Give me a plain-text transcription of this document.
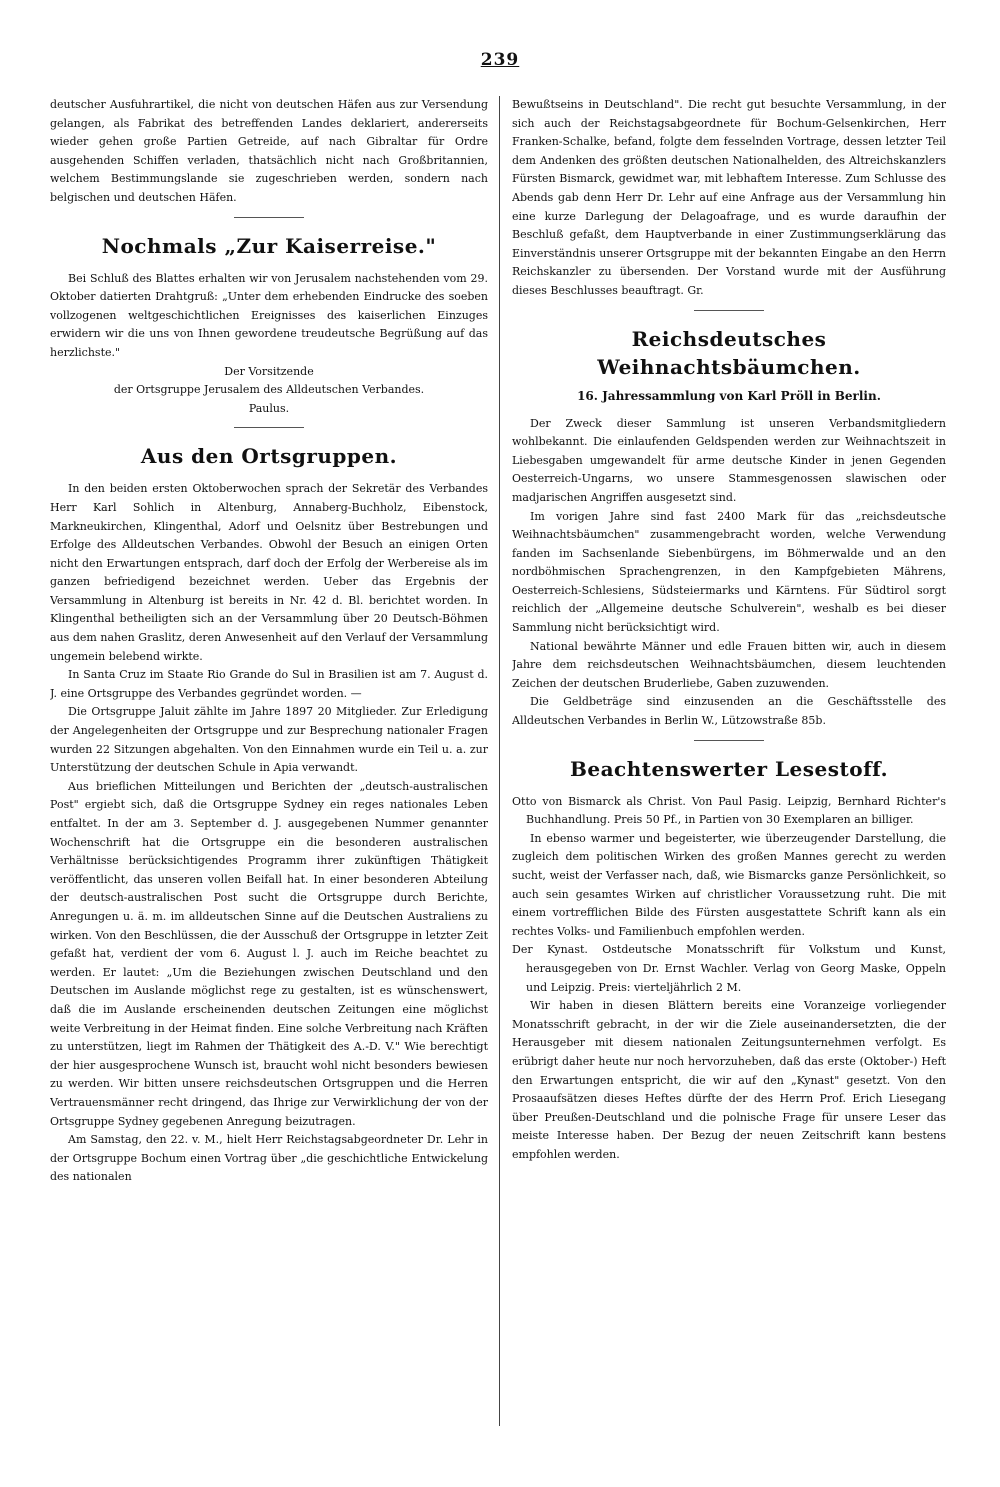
239

deutscher Ausfuhrartikel, die nicht von deutschen Häfen aus zur Versendung gelangen, als Fabrikat des betreffenden Landes deklariert, andererseits wieder gehen große Partien Getreide, auf nach Gibraltar für Ordre ausgehenden Schiffen verladen, thatsächlich nicht nach Großbritannien, welchem Bestimmungslande sie zugeschrieben werden, sondern nach belgischen und deutschen Häfen.

Nochmals „Zur Kaiserreise."

Bei Schluß des Blattes erhalten wir von Jerusalem nachstehenden vom 29. Oktober datierten Drahtgruß: „Unter dem erhebenden Eindrucke des soeben vollzogenen weltgeschichtlichen Ereignisses des kaiserlichen Einzuges erwidern wir die uns von Ihnen gewordene treudeutsche Begrüßung auf das herzlichste."

Der Vorsitzende

der Ortsgruppe Jerusalem des Alldeutschen Verbandes.

Paulus.

Aus den Ortsgruppen.

In den beiden ersten Oktoberwochen sprach der Sekretär des Verbandes Herr Karl Sohlich in Altenburg, Annaberg-Buchholz, Eibenstock, Markneukirchen, Klingenthal, Adorf und Oelsnitz über Bestrebungen und Erfolge des Alldeutschen Verbandes. Obwohl der Besuch an einigen Orten nicht den Erwartungen entsprach, darf doch der Erfolg der Werbereise als im ganzen befriedigend bezeichnet werden. Ueber das Ergebnis der Versammlung in Altenburg ist bereits in Nr. 42 d. Bl. berichtet worden. In Klingenthal betheiligten sich an der Versammlung über 20 Deutsch-Böhmen aus dem nahen Graslitz, deren Anwesenheit auf den Verlauf der Versammlung ungemein belebend wirkte.

In Santa Cruz im Staate Rio Grande do Sul in Brasilien ist am 7. August d. J. eine Ortsgruppe des Verbandes gegründet worden. —

Die Ortsgruppe Jaluit zählte im Jahre 1897 20 Mitglieder. Zur Erledigung der Angelegenheiten der Ortsgruppe und zur Besprechung nationaler Fragen wurden 22 Sitzungen abgehalten. Von den Einnahmen wurde ein Teil u. a. zur Unterstützung der deutschen Schule in Apia verwandt.

Aus brieflichen Mitteilungen und Berichten der „deutsch-australischen Post" ergiebt sich, daß die Ortsgruppe Sydney ein reges nationales Leben entfaltet. In der am 3. September d. J. ausgegebenen Nummer genannter Wochenschrift hat die Ortsgruppe ein die besonderen australischen Verhältnisse berücksichtigendes Programm ihrer zukünftigen Thätigkeit veröffentlicht, das unseren vollen Beifall hat. In einer besonderen Abteilung der deutsch-australischen Post sucht die Ortsgruppe durch Berichte, Anregungen u. ä. m. im alldeutschen Sinne auf die Deutschen Australiens zu wirken. Von den Beschlüssen, die der Ausschuß der Ortsgruppe in letzter Zeit gefaßt hat, verdient der vom 6. August l. J. auch im Reiche beachtet zu werden. Er lautet: „Um die Beziehungen zwischen Deutschland und den Deutschen im Auslande möglichst rege zu gestalten, ist es wünschenswert, daß die im Auslande erscheinenden deutschen Zeitungen eine möglichst weite Verbreitung in der Heimat finden. Eine solche Verbreitung nach Kräften zu unterstützen, liegt im Rahmen der Thätigkeit des A.-D. V." Wie berechtigt der hier ausgesprochene Wunsch ist, braucht wohl nicht besonders bewiesen zu werden. Wir bitten unsere reichsdeutschen Ortsgruppen und die Herren Vertrauensmänner recht dringend, das Ihrige zur Verwirklichung der von der Ortsgruppe Sydney gegebenen Anregung beizutragen.

Am Samstag, den 22. v. M., hielt Herr Reichstagsabgeordneter Dr. Lehr in der Ortsgruppe Bochum einen Vortrag über „die geschichtliche Entwickelung des nationalen

Bewußtseins in Deutschland". Die recht gut besuchte Versammlung, in der sich auch der Reichstagsabgeordnete für Bochum-Gelsenkirchen, Herr Franken-Schalke, befand, folgte dem fesselnden Vortrage, dessen letzter Teil dem Andenken des größten deutschen Nationalhelden, des Altreichskanzlers Fürsten Bismarck, gewidmet war, mit lebhaftem Interesse. Zum Schlusse des Abends gab denn Herr Dr. Lehr auf eine Anfrage aus der Versammlung hin eine kurze Darlegung der Delagoafrage, und es wurde daraufhin der Beschluß gefaßt, dem Hauptverbande in einer Zustimmungserklärung das Einverständnis unserer Ortsgruppe mit der bekannten Eingabe an den Herrn Reichskanzler zu übersenden. Der Vorstand wurde mit der Ausführung dieses Beschlusses beauftragt. Gr.

Reichsdeutsches Weihnachtsbäumchen.
16. Jahressammlung von Karl Pröll in Berlin.

Der Zweck dieser Sammlung ist unseren Verbandsmitgliedern wohlbekannt. Die einlaufenden Geldspenden werden zur Weihnachtszeit in Liebesgaben umgewandelt für arme deutsche Kinder in jenen Gegenden Oesterreich-Ungarns, wo unsere Stammesgenossen slawischen oder madjarischen Angriffen ausgesetzt sind.

Im vorigen Jahre sind fast 2400 Mark für das „reichsdeutsche Weihnachtsbäumchen" zusammengebracht worden, welche Verwendung fanden im Sachsenlande Siebenbürgens, im Böhmerwalde und an den nordböhmischen Sprachengrenzen, in den Kampfgebieten Mährens, Oesterreich-Schlesiens, Südsteiermarks und Kärntens. Für Südtirol sorgt reichlich der „Allgemeine deutsche Schulverein", weshalb es bei dieser Sammlung nicht berücksichtigt wird.

National bewährte Männer und edle Frauen bitten wir, auch in diesem Jahre dem reichsdeutschen Weihnachtsbäumchen, diesem leuchtenden Zeichen der deutschen Bruderliebe, Gaben zuzuwenden.

Die Geldbeträge sind einzusenden an die Geschäftsstelle des Alldeutschen Verbandes in Berlin W., Lützowstraße 85b.

Beachtenswerter Lesestoff.

Otto von Bismarck als Christ. Von Paul Pasig. Leipzig, Bernhard Richter's Buchhandlung. Preis 50 Pf., in Partien von 30 Exemplaren an billiger.

In ebenso warmer und begeisterter, wie überzeugender Darstellung, die zugleich dem politischen Wirken des großen Mannes gerecht zu werden sucht, weist der Verfasser nach, daß, wie Bismarcks ganze Persönlichkeit, so auch sein gesamtes Wirken auf christlicher Voraussetzung ruht. Die mit einem vortrefflichen Bilde des Fürsten ausgestattete Schrift kann als ein rechtes Volks- und Familienbuch empfohlen werden.

Der Kynast. Ostdeutsche Monatsschrift für Volkstum und Kunst, herausgegeben von Dr. Ernst Wachler. Verlag von Georg Maske, Oppeln und Leipzig. Preis: vierteljährlich 2 M.

Wir haben in diesen Blättern bereits eine Voranzeige vorliegender Monatsschrift gebracht, in der wir die Ziele auseinandersetzten, die der Herausgeber mit diesem nationalen Zeitungsunternehmen verfolgt. Es erübrigt daher heute nur noch hervorzuheben, daß das erste (Oktober-) Heft den Erwartungen entspricht, die wir auf den „Kynast" gesetzt. Von den Prosaaufsätzen dieses Heftes dürfte der des Herrn Prof. Erich Liesegang über Preußen-Deutschland und die polnische Frage für unsere Leser das meiste Interesse haben. Der Bezug der neuen Zeitschrift kann bestens empfohlen werden.
